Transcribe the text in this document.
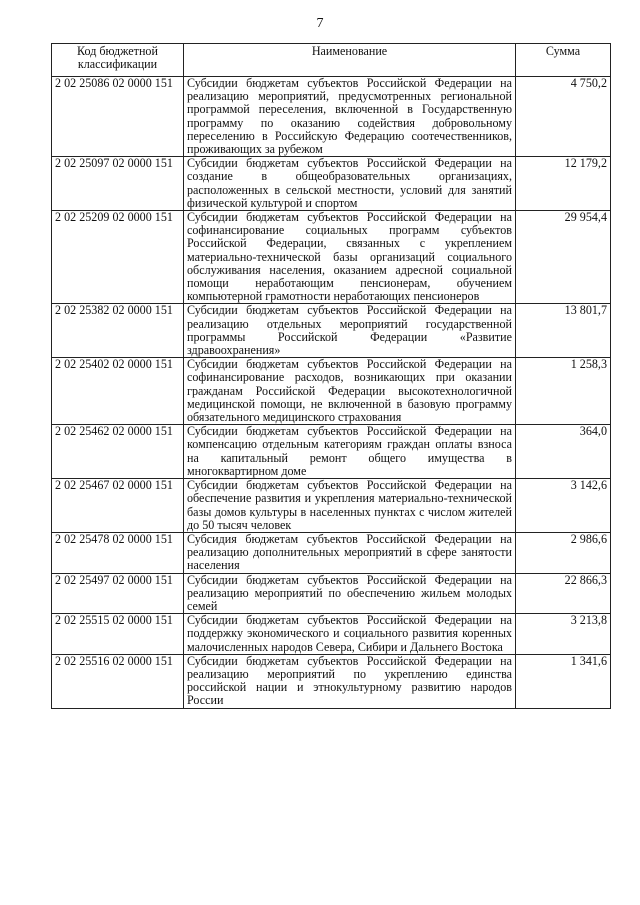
7
Код бюджетной классификации	Наименование	Сумма
2 02 25086 02 0000 151	Субсидии бюджетам субъектов Российской Федерации на реализацию мероприятий, предусмотренных региональной программой переселения, включенной в Государственную программу по оказанию содействия добровольному переселению в Российскую Федерацию соотечественников, проживающих за рубежом	4 750,2
2 02 25097 02 0000 151	Субсидии бюджетам субъектов Российской Федерации на создание в общеобразовательных организациях, расположенных в сельской местности, условий для занятий физической культурой и спортом	12 179,2
2 02 25209 02 0000 151	Субсидии бюджетам субъектов Российской Федерации на софинансирование социальных программ субъектов Российской Федерации, связанных с укреплением материально-технической базы организаций социального обслуживания населения, оказанием адресной социальной помощи неработающим пенсионерам, обучением компьютерной грамотности неработающих пенсионеров	29 954,4
2 02 25382 02 0000 151	Субсидии бюджетам субъектов Российской Федерации на реализацию отдельных мероприятий государственной программы Российской Федерации «Развитие здравоохранения»	13 801,7
2 02 25402 02 0000 151	Субсидии бюджетам субъектов Российской Федерации на софинансирование расходов, возникающих при оказании гражданам Российской Федерации высокотехнологичной медицинской помощи, не включенной в базовую программу обязательного медицинского страхования	1 258,3
2 02 25462 02 0000 151	Субсидии бюджетам субъектов Российской Федерации на компенсацию отдельным категориям граждан оплаты взноса на капитальный ремонт общего имущества в многоквартирном доме	364,0
2 02 25467 02 0000 151	Субсидии бюджетам субъектов Российской Федерации на обеспечение развития и укрепления материально-технической базы домов культуры в населенных пунктах с числом жителей до 50 тысяч человек	3 142,6
2 02 25478 02 0000 151	Субсидия бюджетам субъектов Российской Федерации на реализацию дополнительных мероприятий в сфере занятости населения	2 986,6
2 02 25497 02 0000 151	Субсидии бюджетам субъектов Российской Федерации на реализацию мероприятий по обеспечению жильем молодых семей	22 866,3
2 02 25515 02 0000 151	Субсидии бюджетам субъектов Российской Федерации на поддержку экономического и социального развития коренных малочисленных народов Севера, Сибири и Дальнего Востока	3 213,8
2 02 25516 02 0000 151	Субсидии бюджетам субъектов Российской Федерации на реализацию мероприятий по укреплению единства российской нации и этнокультурному развитию народов России	1 341,6
